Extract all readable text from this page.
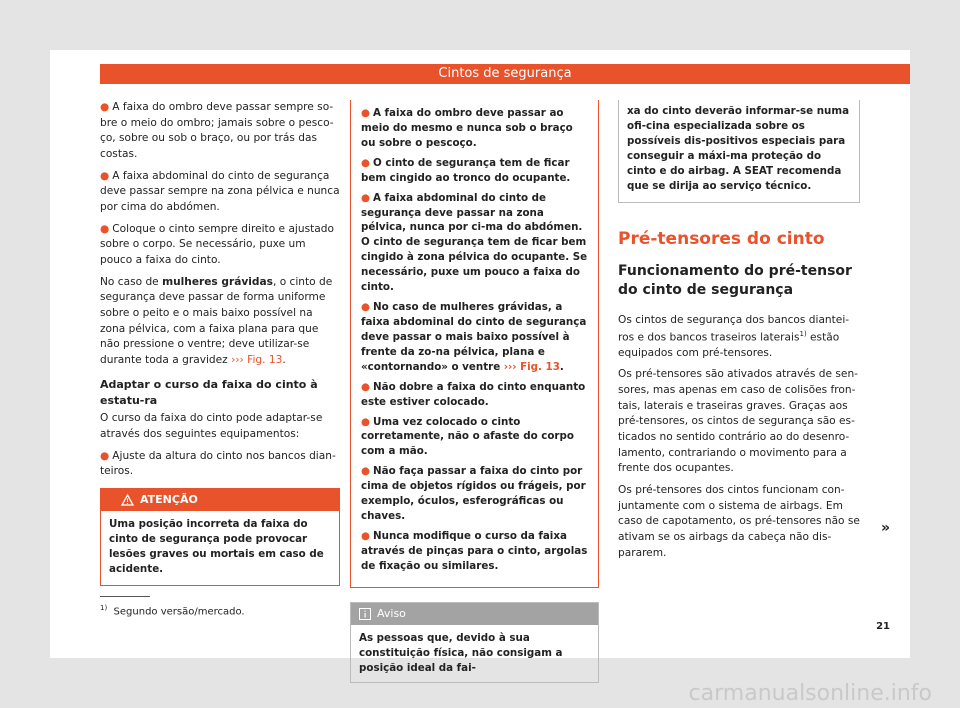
Cintos de segurança
● A faixa do ombro deve passar sempre so-bre o meio do ombro; jamais sobre o pesco-ço, sobre ou sob o braço, ou por trás das costas.
● A faixa abdominal do cinto de segurança deve passar sempre na zona pélvica e nunca por cima do abdómen.
● Coloque o cinto sempre direito e ajustado sobre o corpo. Se necessário, puxe um pouco a faixa do cinto.

No caso de mulheres grávidas, o cinto de segurança deve passar de forma uniforme sobre o peito e o mais baixo possível na zona pélvica, com a faixa plana para que não pressione o ventre; deve utilizar-se durante toda a gravidez ››› Fig. 13.

Adaptar o curso da faixa do cinto à estatu-ra

O curso da faixa do cinto pode adaptar-se através dos seguintes equipamentos:

● Ajuste da altura do cinto nos bancos dian-teiros.
ATENÇÃO
Uma posição incorreta da faixa do cinto de segurança pode provocar lesões graves ou mortais em caso de acidente.
● A faixa do ombro deve passar ao meio do mesmo e nunca sob o braço ou sobre o pescoço.
● O cinto de segurança tem de ficar bem cingido ao tronco do ocupante.
● A faixa abdominal do cinto de segurança deve passar na zona pélvica, nunca por ci-ma do abdómen. O cinto de segurança tem de ficar bem cingido à zona pélvica do ocupante. Se necessário, puxe um pouco a faixa do cinto.
● No caso de mulheres grávidas, a faixa abdominal do cinto de segurança deve passar o mais baixo possível à frente da zo-na pélvica, plana e «contornando» o ventre ››› Fig. 13.
● Não dobre a faixa do cinto enquanto este estiver colocado.
● Uma vez colocado o cinto corretamente, não o afaste do corpo com a mão.
● Não faça passar a faixa do cinto por cima de objetos rígidos ou frágeis, por exemplo, óculos, esferográficas ou chaves.
● Nunca modifique o curso da faixa através de pinças para o cinto, argolas de fixação ou similares.
Aviso
As pessoas que, devido à sua constituição física, não consigam a posição ideal da fai-
xa do cinto deverão informar-se numa ofi-cina especializada sobre os possíveis dis-positivos especiais para conseguir a máxi-ma proteção do cinto e do airbag. A SEAT recomenda que se dirija ao serviço técnico.
Pré-tensores do cinto
Funcionamento do pré-tensor do cinto de segurança

Os cintos de segurança dos bancos diantei-ros e dos bancos traseiros laterais$^{1)}$ estão equipados com pré-tensores.

Os pré-tensores são ativados através de sen-sores, mas apenas em caso de colisões fron-tais, laterais e traseiras graves. Graças aos pré-tensores, os cintos de segurança são es-ticados no sentido contrário ao do desenro-lamento, contrariando o movimento para a frente dos ocupantes.

Os pré-tensores dos cintos funcionam con-juntamente com o sistema de airbags. Em caso de capotamento, os pré-tensores não se ativam se os airbags da cabeça não dis-pararem.

»
$^{1)}$ Segundo versão/mercado.
21
carmanualsonline.info
